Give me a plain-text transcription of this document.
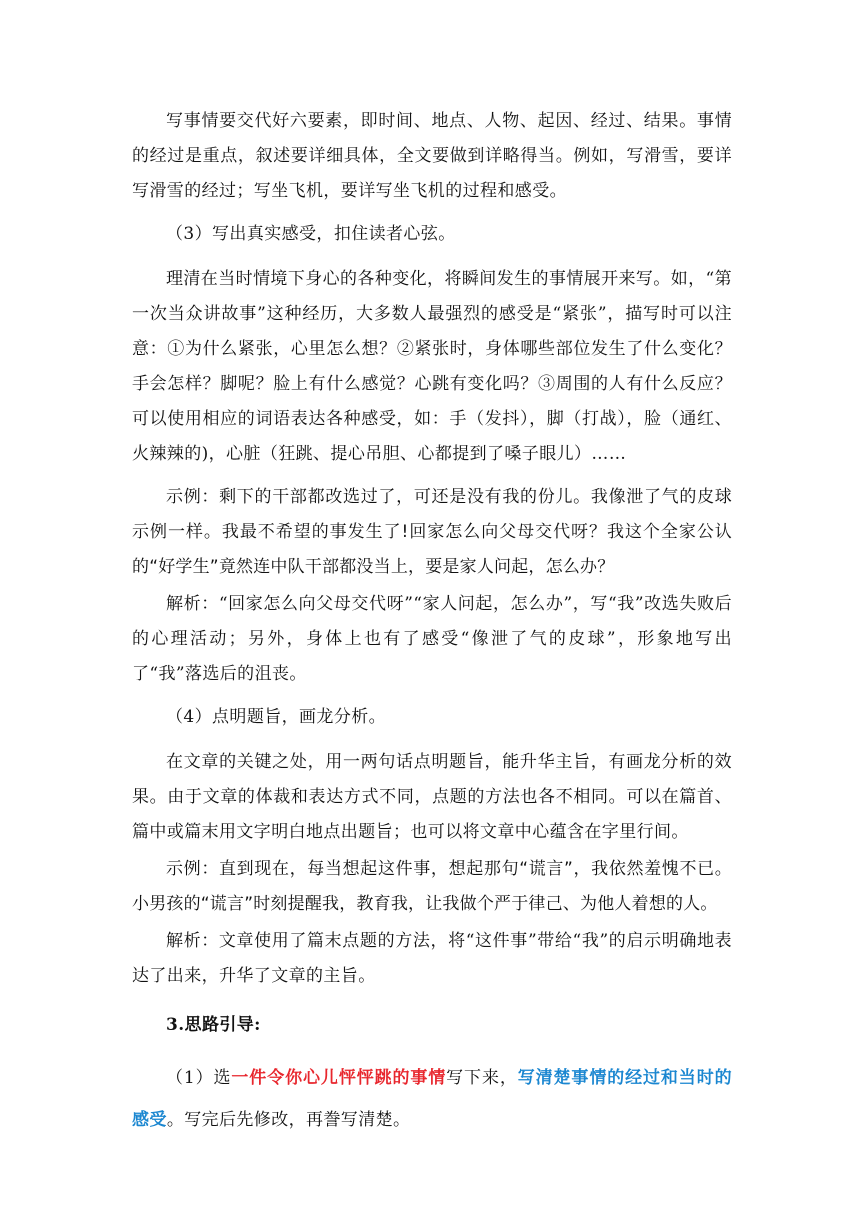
写事情要交代好六要素，即时间、地点、人物、起因、经过、结果。事情的经过是重点，叙述要详细具体，全文要做到详略得当。例如，写滑雪，要详写滑雪的经过；写坐飞机，要详写坐飞机的过程和感受。

（3）写出真实感受，扣住读者心弦。

理清在当时情境下身心的各种变化，将瞬间发生的事情展开来写。如，“第一次当众讲故事”这种经历，大多数人最强烈的感受是“紧张”，描写时可以注意：①为什么紧张，心里怎么想？②紧张时，身体哪些部位发生了什么变化？手会怎样？脚呢？脸上有什么感觉？心跳有变化吗？③周围的人有什么反应？可以使用相应的词语表达各种感受，如：手（发抖），脚（打战），脸（通红、火辣辣的)，心脏（狂跳、提心吊胆、心都提到了嗓子眼儿）……

示例：剩下的干部都改选过了，可还是没有我的份儿。我像泄了气的皮球示例一样。我最不希望的事发生了!回家怎么向父母交代呀？我这个全家公认的“好学生”竟然连中队干部都没当上，要是家人问起，怎么办？

解析：“回家怎么向父母交代呀”“家人问起，怎么办”，写“我”改选失败后的心理活动；另外，身体上也有了感受“像泄了气的皮球”，形象地写出了“我”落选后的沮丧。

（4）点明题旨，画龙分析。

在文章的关键之处，用一两句话点明题旨，能升华主旨，有画龙分析的效果。由于文章的体裁和表达方式不同，点题的方法也各不相同。可以在篇首、篇中或篇末用文字明白地点出题旨；也可以将文章中心蕴含在字里行间。

示例：直到现在，每当想起这件事，想起那句“谎言”，我依然羞愧不已。小男孩的“谎言”时刻提醒我，教育我，让我做个严于律己、为他人着想的人。

解析：文章使用了篇末点题的方法，将“这件事”带给“我”的启示明确地表达了出来，升华了文章的主旨。

3.思路引导:

（1）选一件令你心儿怦怦跳的事情写下来，写清楚事情的经过和当时的感受。写完后先修改，再誊写清楚。
